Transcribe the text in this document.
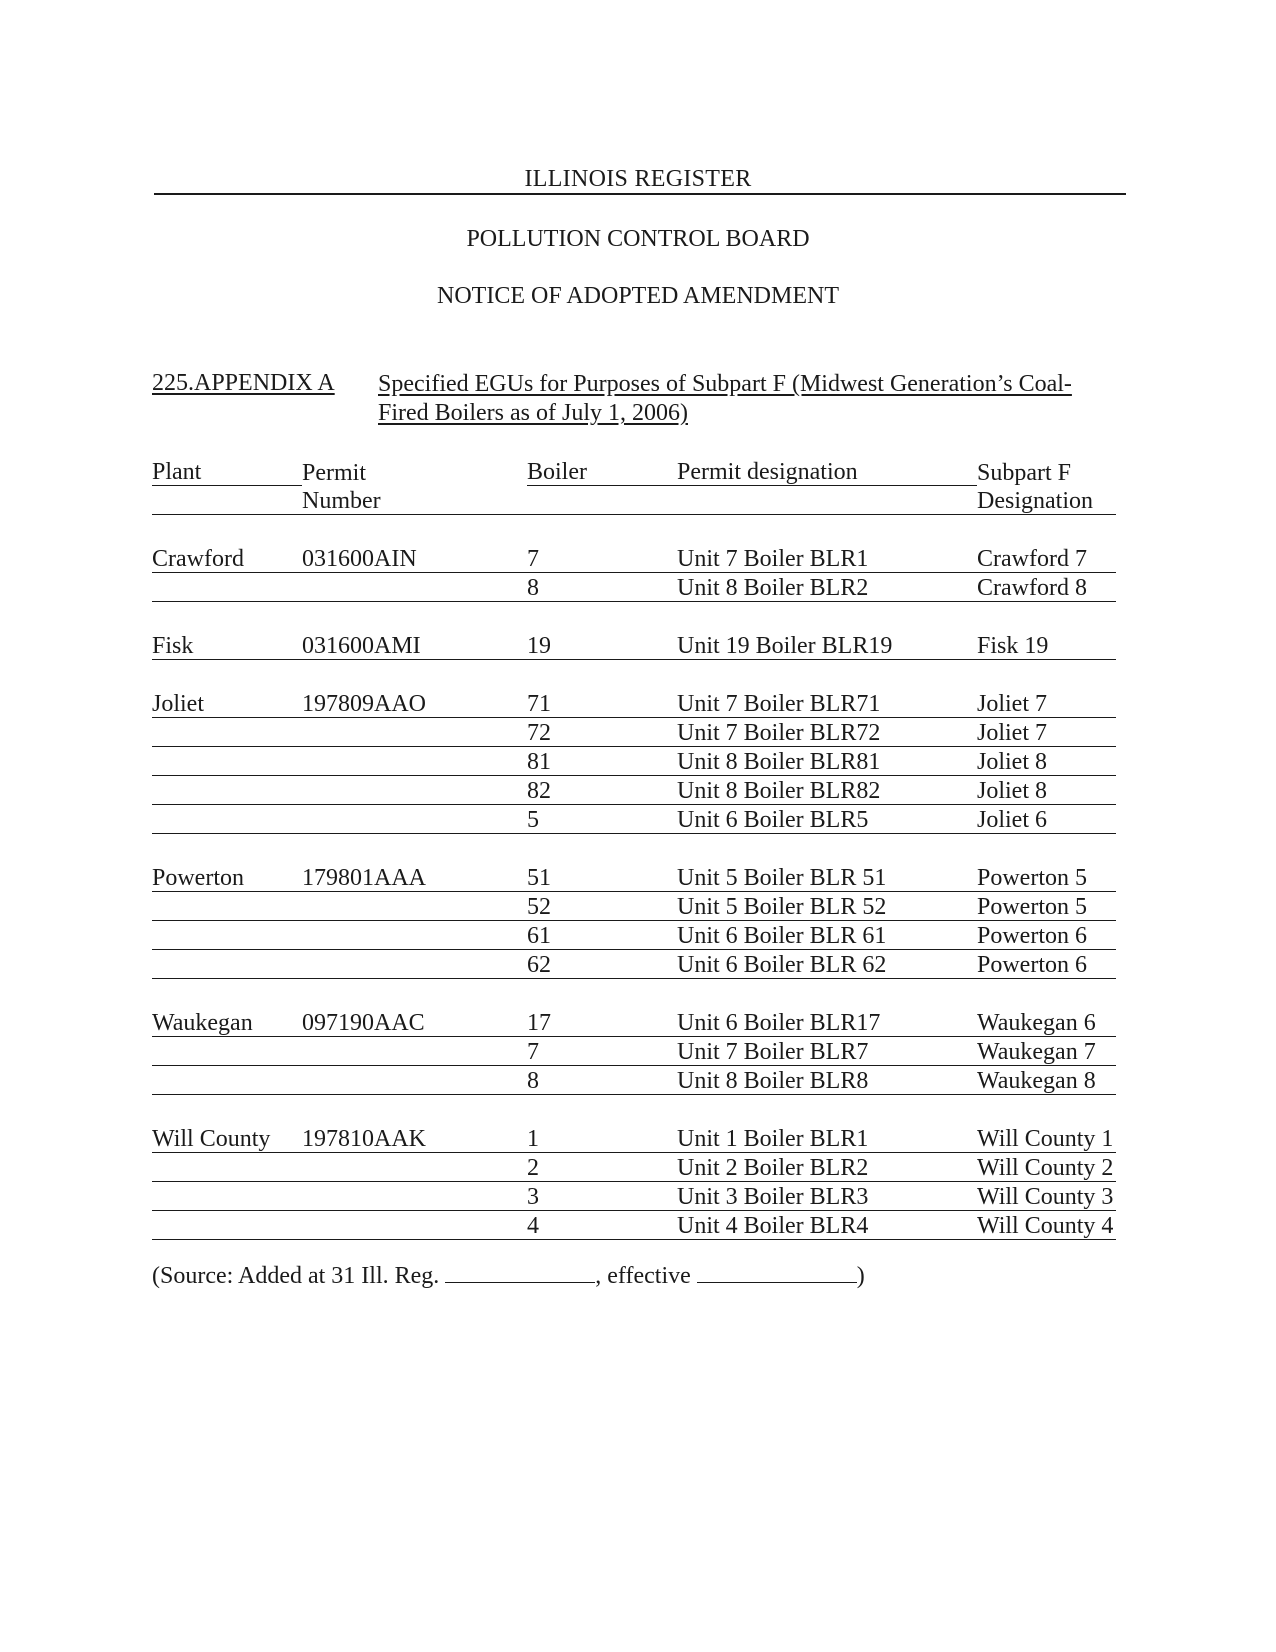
ILLINOIS REGISTER
POLLUTION CONTROL BOARD
NOTICE OF ADOPTED AMENDMENT
225.APPENDIX A Specified EGUs for Purposes of Subpart F (Midwest Generation’s Coal-Fired Boilers as of July 1, 2006)
Plant	Permit	Boiler	Permit designation	Subpart F
	Number			Designation

Crawford	031600AIN	7	Unit 7 Boiler BLR1	Crawford 7
		8	Unit 8 Boiler BLR2	Crawford 8

Fisk	031600AMI	19	Unit 19 Boiler BLR19	Fisk 19

Joliet	197809AAO	71	Unit 7 Boiler BLR71	Joliet 7
		72	Unit 7 Boiler BLR72	Joliet 7
		81	Unit 8 Boiler BLR81	Joliet 8
		82	Unit 8 Boiler BLR82	Joliet 8
		5	Unit 6 Boiler BLR5	Joliet 6

Powerton	179801AAA	51	Unit 5 Boiler BLR 51	Powerton 5
		52	Unit 5 Boiler BLR 52	Powerton 5
		61	Unit 6 Boiler BLR 61	Powerton 6
		62	Unit 6 Boiler BLR 62	Powerton 6

Waukegan	097190AAC	17	Unit 6 Boiler BLR17	Waukegan 6
		7	Unit 7 Boiler BLR7	Waukegan 7
		8	Unit 8 Boiler BLR8	Waukegan 8

Will County	197810AAK	1	Unit 1 Boiler BLR1	Will County 1
		2	Unit 2 Boiler BLR2	Will County 2
		3	Unit 3 Boiler BLR3	Will County 3
		4	Unit 4 Boiler BLR4	Will County 4
(Source: Added at 31 Ill. Reg.	, effective	)
